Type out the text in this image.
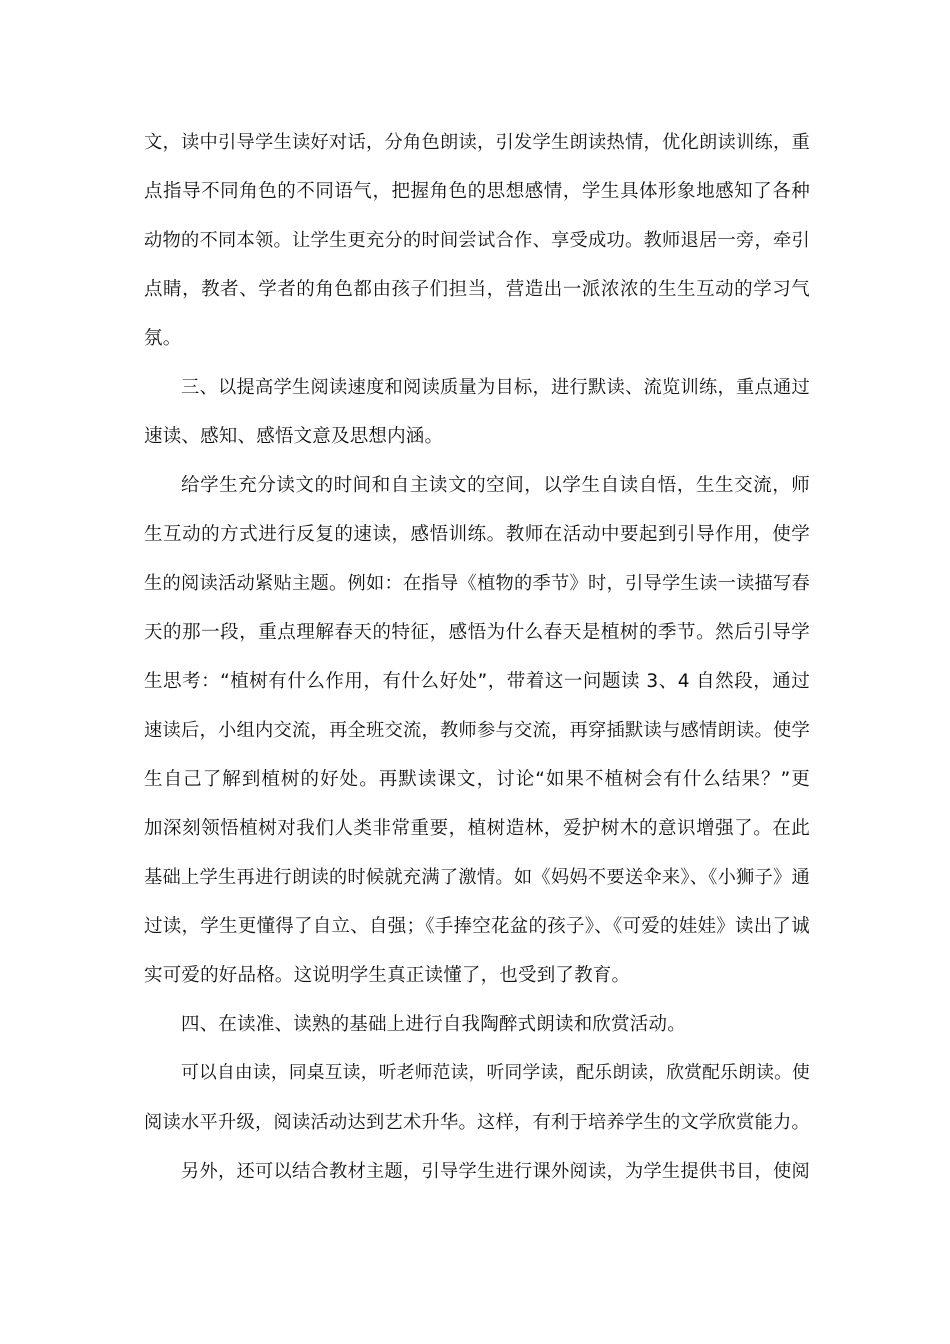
文，读中引导学生读好对话，分角色朗读，引发学生朗读热情，优化朗读训练，重
点指导不同角色的不同语气，把握角色的思想感情，学生具体形象地感知了各种
动物的不同本领。让学生更充分的时间尝试合作、享受成功。教师退居一旁，牵引
点睛，教者、学者的角色都由孩子们担当，营造出一派浓浓的生生互动的学习气
氛。
三、以提高学生阅读速度和阅读质量为目标，进行默读、流览训练，重点通过
速读、感知、感悟文意及思想内涵。
给学生充分读文的时间和自主读文的空间，以学生自读自悟，生生交流，师
生互动的方式进行反复的速读，感悟训练。教师在活动中要起到引导作用，使学
生的阅读活动紧贴主题。例如：在指导《植物的季节》时，引导学生读一读描写春
天的那一段，重点理解春天的特征，感悟为什么春天是植树的季节。然后引导学
生思考：“植树有什么作用，有什么好处”，带着这一问题读 3、4 自然段，通过
速读后，小组内交流，再全班交流，教师参与交流，再穿插默读与感情朗读。使学
生自己了解到植树的好处。再默读课文，讨论“如果不植树会有什么结果？”更
加深刻领悟植树对我们人类非常重要，植树造林，爱护树木的意识增强了。在此
基础上学生再进行朗读的时候就充满了激情。如《妈妈不要送伞来》、《小狮子》通
过读，学生更懂得了自立、自强；《手捧空花盆的孩子》、《可爱的娃娃》读出了诚
实可爱的好品格。这说明学生真正读懂了，也受到了教育。
四、在读准、读熟的基础上进行自我陶醉式朗读和欣赏活动。
可以自由读，同桌互读，听老师范读，听同学读，配乐朗读，欣赏配乐朗读。使
阅读水平升级，阅读活动达到艺术升华。这样，有利于培养学生的文学欣赏能力。
另外，还可以结合教材主题，引导学生进行课外阅读，为学生提供书目，使阅
